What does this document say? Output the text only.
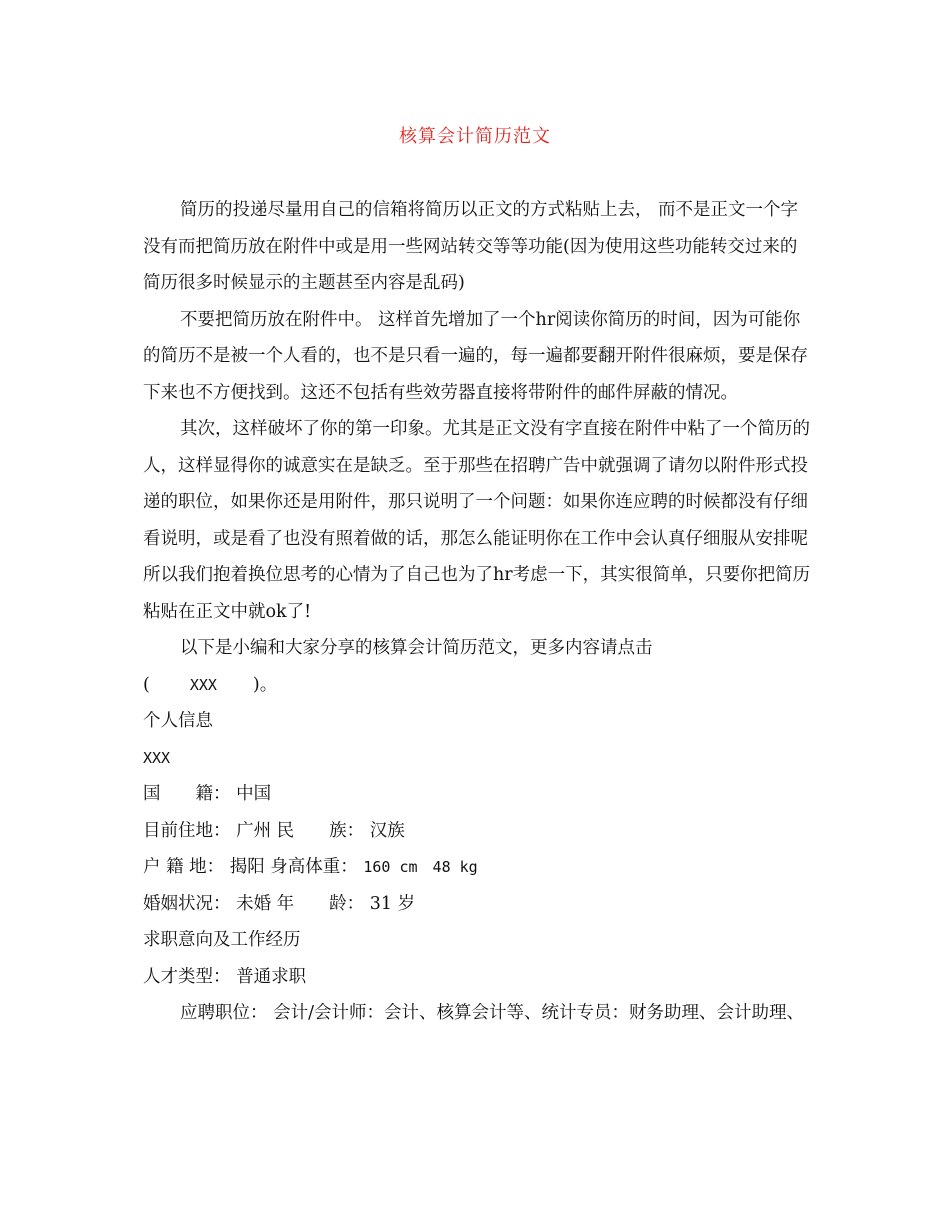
核算会计简历范文

简历的投递尽量用自己的信箱将简历以正文的方式粘贴上去， 而不是正文一个字没有而把简历放在附件中或是用一些网站转交等等功能(因为使用这些功能转交过来的简历很多时候显示的主题甚至内容是乱码)

不要把简历放在附件中。 这样首先增加了一个hr阅读你简历的时间，因为可能你的简历不是被一个人看的，也不是只看一遍的，每一遍都要翻开附件很麻烦，要是保存下来也不方便找到。这还不包括有些效劳器直接将带附件的邮件屏蔽的情况。

其次，这样破坏了你的第一印象。尤其是正文没有字直接在附件中粘了一个简历的人，这样显得你的诚意实在是缺乏。至于那些在招聘广告中就强调了请勿以附件形式投递的职位，如果你还是用附件，那只说明了一个问题：如果你连应聘的时候都没有仔细看说明，或是看了也没有照着做的话，那怎么能证明你在工作中会认真仔细服从安排呢所以我们抱着换位思考的心情为了自己也为了hr考虑一下，其实很简单，只要你把简历粘贴在正文中就ok了!

以下是小编和大家分享的核算会计简历范文，更多内容请点击

(	XXX )。

个人信息

XXX

国　　籍： 中国

目前住地： 广州 民　　族： 汉族

户 籍 地： 揭阳 身高体重： 160 cm　48 kg

婚姻状况： 未婚 年　　龄： 31 岁

求职意向及工作经历

人才类型： 普通求职

应聘职位： 会计/会计师：会计、核算会计等、统计专员：财务助理、会计助理、
